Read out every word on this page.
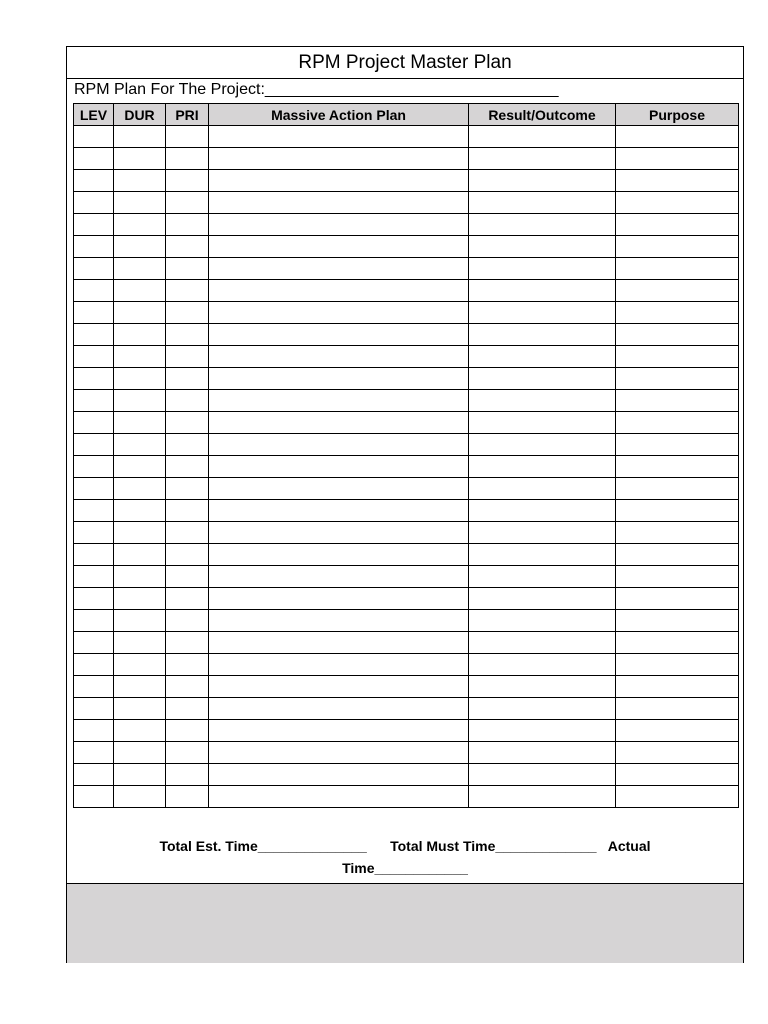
RPM Project Master Plan
RPM Plan For The Project:_________________________________
LEV	DUR	PRI	Massive Action Plan	Result/Outcome	Purpose

Total Est. Time______________ Total Must Time_____________ Actual
Time____________
